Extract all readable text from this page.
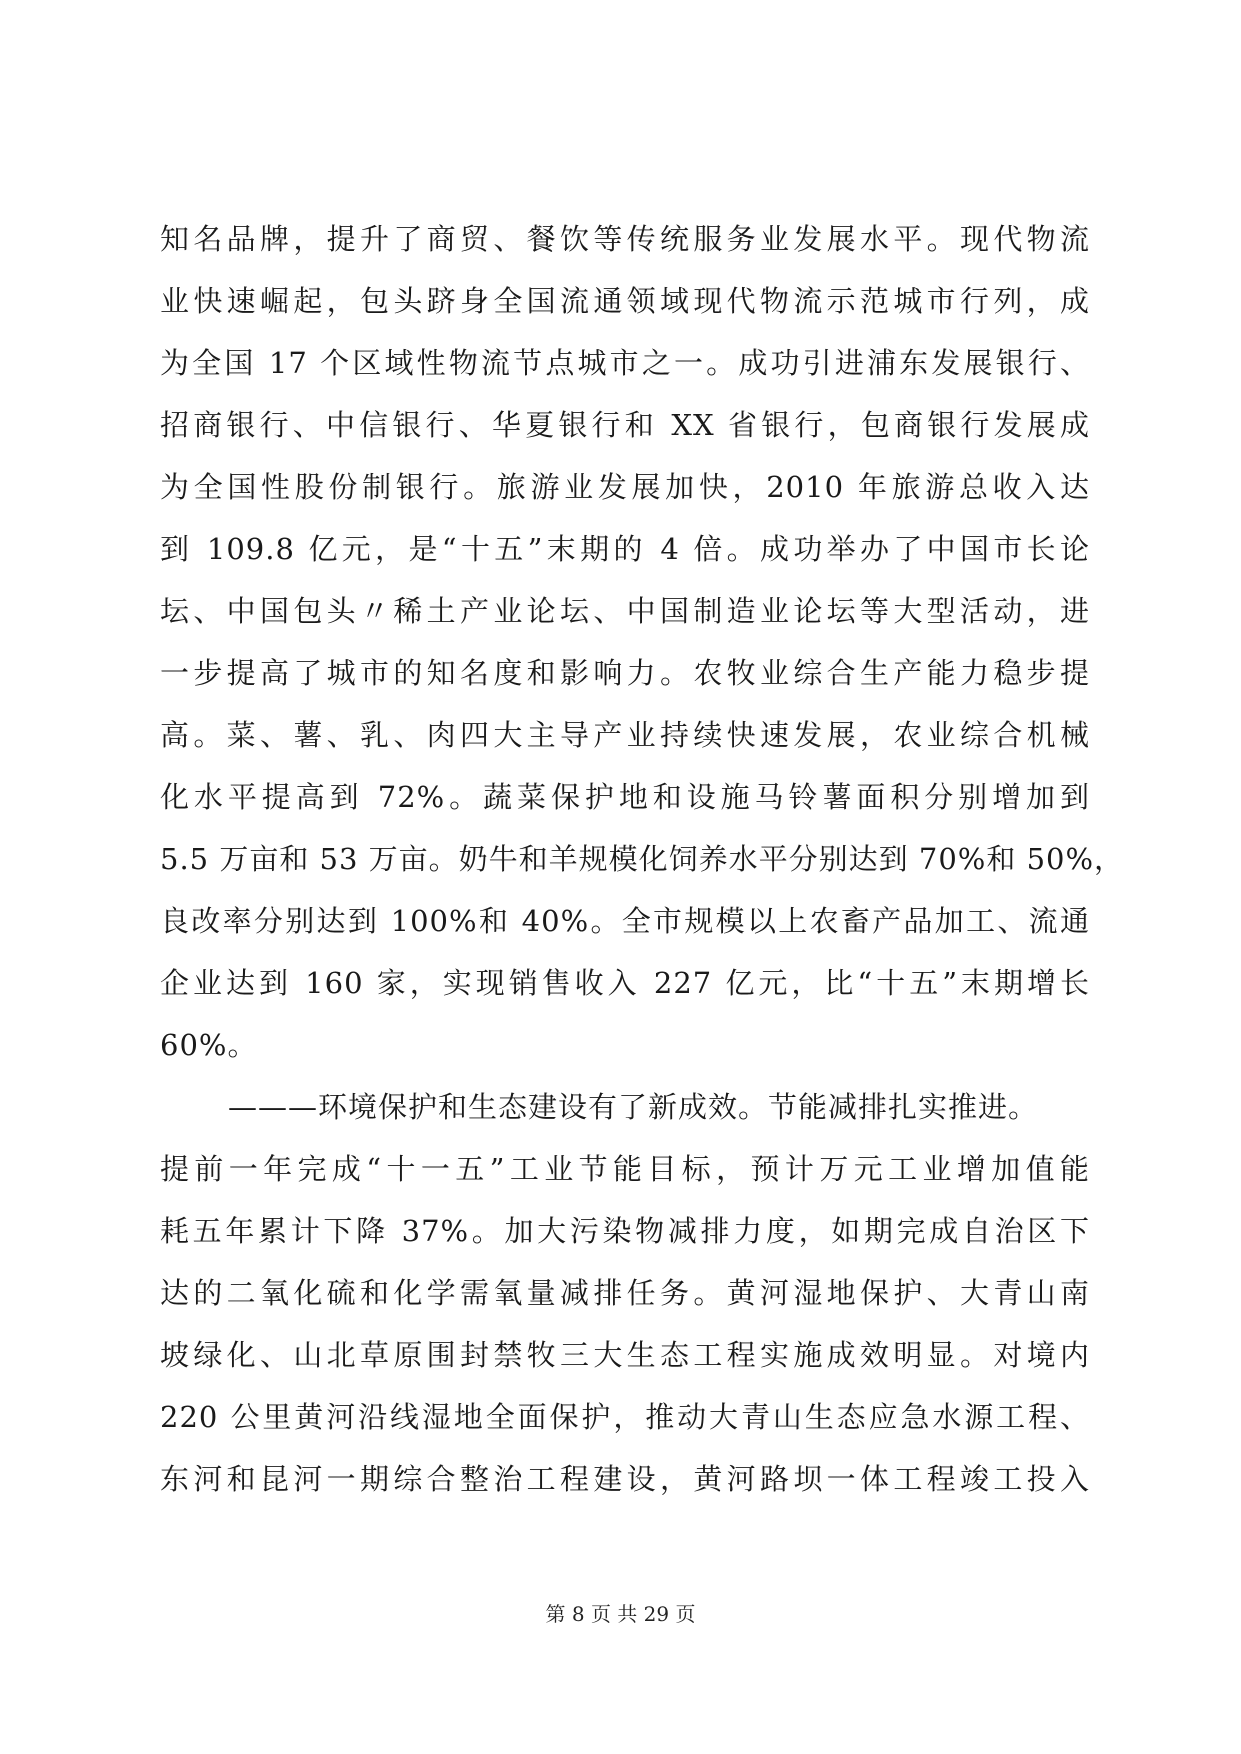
知名品牌，提升了商贸、餐饮等传统服务业发展水平。现代物流
业快速崛起，包头跻身全国流通领域现代物流示范城市行列，成
为全国 17 个区域性物流节点城市之一。成功引进浦东发展银行、
招商银行、中信银行、华夏银行和 XX 省银行，包商银行发展成
为全国性股份制银行。旅游业发展加快，2010 年旅游总收入达
到 109.8 亿元，是“十五”末期的 4 倍。成功举办了中国市长论
坛、中国包头〃稀土产业论坛、中国制造业论坛等大型活动，进
一步提高了城市的知名度和影响力。农牧业综合生产能力稳步提
高。菜、薯、乳、肉四大主导产业持续快速发展，农业综合机械
化水平提高到 72%。蔬菜保护地和设施马铃薯面积分别增加到
5.5 万亩和 53 万亩。奶牛和羊规模化饲养水平分别达到 70%和 50%，
良改率分别达到 100%和 40%。全市规模以上农畜产品加工、流通
企业达到 160 家，实现销售收入 227 亿元，比“十五”末期增长
60%。
———环境保护和生态建设有了新成效。节能减排扎实推进。
提前一年完成“十一五”工业节能目标，预计万元工业增加值能
耗五年累计下降 37%。加大污染物减排力度，如期完成自治区下
达的二氧化硫和化学需氧量减排任务。黄河湿地保护、大青山南
坡绿化、山北草原围封禁牧三大生态工程实施成效明显。对境内
220 公里黄河沿线湿地全面保护，推动大青山生态应急水源工程、
东河和昆河一期综合整治工程建设，黄河路坝一体工程竣工投入
第 8 页 共 29 页
